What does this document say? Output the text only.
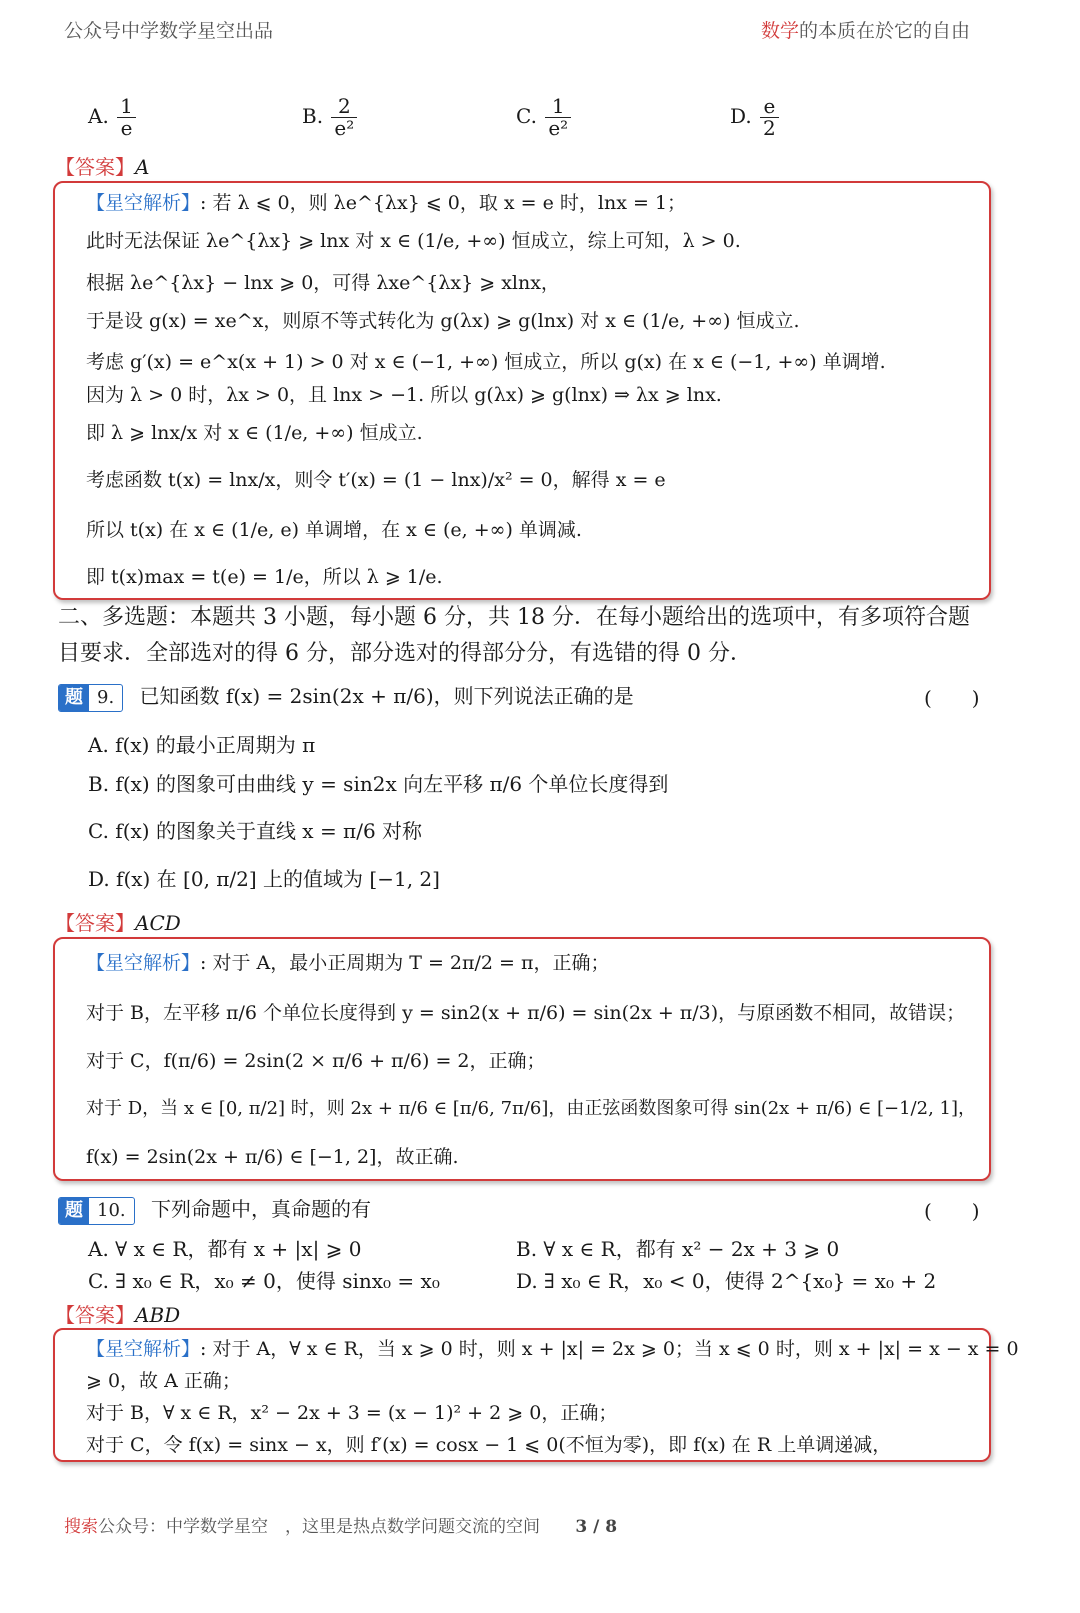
公众号中学数学星空出品	数学的本质在於它的自由
A. $\frac{1}{e}$	B. $\frac{2}{\text{e²}}$	C. $\frac{1}{\text{e²}}$	D. $\frac{e}{2}$
【答案】A
【星空解析】: 若 λ ⩽ 0，则 λe^{λx} ⩽ 0，取 x = e 时，lnx = 1；
此时无法保证 λe^{λx} ⩾ lnx 对 x ∈ (1/e, +∞) 恒成立，综上可知，λ > 0.
根据 λe^{λx} − lnx ⩾ 0，可得 λxe^{λx} ⩾ xlnx，
于是设 g(x) = xe^x，则原不等式转化为 g(λx) ⩾ g(lnx) 对 x ∈ (1/e, +∞) 恒成立.
考虑 g′(x) = e^x(x + 1) > 0 对 x ∈ (−1, +∞) 恒成立，所以 g(x) 在 x ∈ (−1, +∞) 单调增.
因为 λ > 0 时，λx > 0，且 lnx > −1. 所以 g(λx) ⩾ g(lnx) ⇒ λx ⩾ lnx.
即 λ ⩾ lnx/x 对 x ∈ (1/e, +∞) 恒成立.
考虑函数 t(x) = lnx/x，则令 t′(x) = (1 − lnx)/x² = 0，解得 x = e
所以 t(x) 在 x ∈ (1/e, e) 单调增，在 x ∈ (e, +∞) 单调减.
即 t(x)max = t(e) = 1/e，所以 λ ⩾ 1/e.
二、多选题：本题共 3 小题，每小题 6 分，共 18 分．在每小题给出的选项中，有多项符合题
目要求．全部选对的得 6 分，部分选对的得部分分，有选错的得 0 分．
题 9. 已知函数 f(x) = 2sin(2x + π/6)，则下列说法正确的是	(　　)
A. f(x) 的最小正周期为 π
B. f(x) 的图象可由曲线 y = sin2x 向左平移 π/6 个单位长度得到
C. f(x) 的图象关于直线 x = π/6 对称
D. f(x) 在 [0, π/2] 上的值域为 [−1, 2]
【答案】ACD
【星空解析】: 对于 A，最小正周期为 T = 2π/2 = π，正确；
对于 B，左平移 π/6 个单位长度得到 y = sin2(x + π/6) = sin(2x + π/3)，与原函数不相同，故错误；
对于 C，f(π/6) = 2sin(2 × π/6 + π/6) = 2，正确；
对于 D，当 x ∈ [0, π/2] 时，则 2x + π/6 ∈ [π/6, 7π/6]，由正弦函数图象可得 sin(2x + π/6) ∈ [−1/2, 1]，
f(x) = 2sin(2x + π/6) ∈ [−1, 2]，故正确.
题 10. 下列命题中，真命题的有	(　　)
A. ∀ x ∈ R，都有 x + |x| ⩾ 0	B. ∀ x ∈ R，都有 x² − 2x + 3 ⩾ 0
C. ∃ x₀ ∈ R，x₀ ≠ 0，使得 sinx₀ = x₀	D. ∃ x₀ ∈ R，x₀ < 0，使得 2^{x₀} = x₀ + 2
【答案】ABD
【星空解析】: 对于 A，∀ x ∈ R，当 x ⩾ 0 时，则 x + |x| = 2x ⩾ 0；当 x ⩽ 0 时，则 x + |x| = x − x = 0
⩾ 0，故 A 正确；
对于 B，∀ x ∈ R，x² − 2x + 3 = (x − 1)² + 2 ⩾ 0，正确；
对于 C，令 f(x) = sinx − x，则 f′(x) = cosx − 1 ⩽ 0(不恒为零)，即 f(x) 在 R 上单调递减，
搜索公众号：中学数学星空　，这里是热点数学问题交流的空间 3 / 8
